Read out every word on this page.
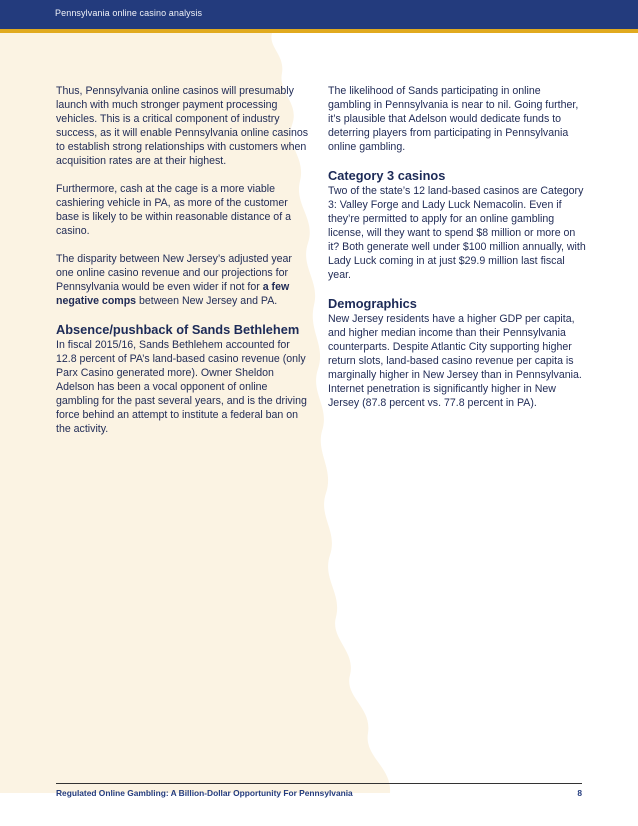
Pennsylvania online casino analysis

Thus, Pennsylvania online casinos will presumably launch with much stronger payment processing vehicles. This is a critical component of industry success, as it will enable Pennsylvania online casinos to establish strong relationships with customers when acquisition rates are at their highest.

Furthermore, cash at the cage is a more viable cashiering vehicle in PA, as more of the customer base is likely to be within reasonable distance of a casino.

The disparity between New Jersey’s adjusted year one online casino revenue and our projections for Pennsylvania would be even wider if not for a few negative comps between New Jersey and PA.

Absence/pushback of Sands Bethlehem

In fiscal 2015/16, Sands Bethlehem accounted for 12.8 percent of PA’s land-based casino revenue (only Parx Casino generated more). Owner Sheldon Adelson has been a vocal opponent of online gambling for the past several years, and is the driving force behind an attempt to institute a federal ban on the activity.

The likelihood of Sands participating in online gambling in Pennsylvania is near to nil. Going further, it’s plausible that Adelson would dedicate funds to deterring players from participating in Pennsylvania online gambling.

Category 3 casinos

Two of the state’s 12 land-based casinos are Category 3: Valley Forge and Lady Luck Nemacolin. Even if they’re permitted to apply for an online gambling license, will they want to spend $8 million or more on it? Both generate well under $100 million annually, with Lady Luck coming in at just $29.9 million last fiscal year.

Demographics

New Jersey residents have a higher GDP per capita, and higher median income than their Pennsylvania counterparts. Despite Atlantic City supporting higher return slots, land-based casino revenue per capita is marginally higher in New Jersey than in Pennsylvania. Internet penetration is significantly higher in New Jersey (87.8 percent vs. 77.8 percent in PA).

Regulated Online Gambling: A Billion-Dollar Opportunity For Pennsylvania	8
